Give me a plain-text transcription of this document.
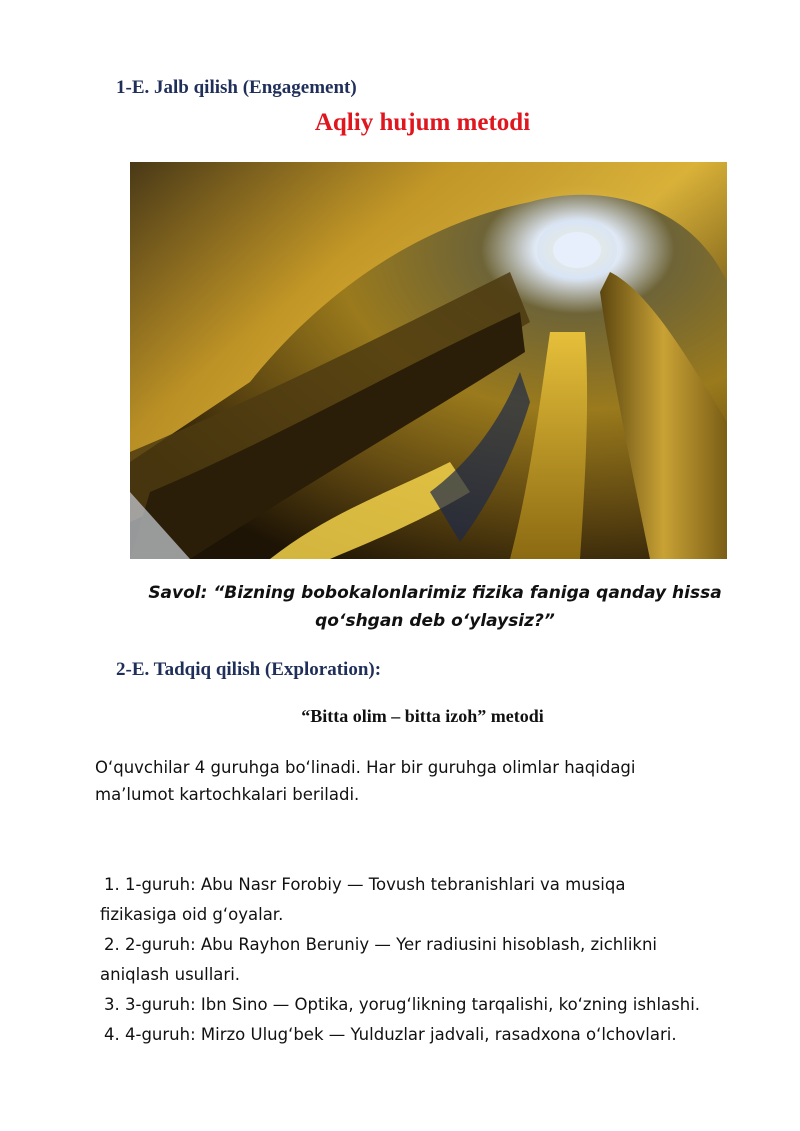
1-E. Jalb qilish (Engagement)
Aqliy hujum metodi
Savol: “Bizning bobokalonlarimiz fizika faniga qanday hissa
qo‘shgan deb o‘ylaysiz?”
2-E. Tadqiq qilish (Exploration):
“Bitta olim – bitta izoh” metodi
O‘quvchilar 4 guruhga bo‘linadi. Har bir guruhga olimlar haqidagi
ma’lumot kartochkalari beriladi.
1. 1-guruh: Abu Nasr Forobiy — Tovush tebranishlari va musiqa
fizikasiga oid g‘oyalar.
2. 2-guruh: Abu Rayhon Beruniy — Yer radiusini hisoblash, zichlikni
aniqlash usullari.
3. 3-guruh: Ibn Sino — Optika, yorug‘likning tarqalishi, ko‘zning ishlashi.
4. 4-guruh: Mirzo Ulug‘bek — Yulduzlar jadvali, rasadxona o‘lchovlari.
